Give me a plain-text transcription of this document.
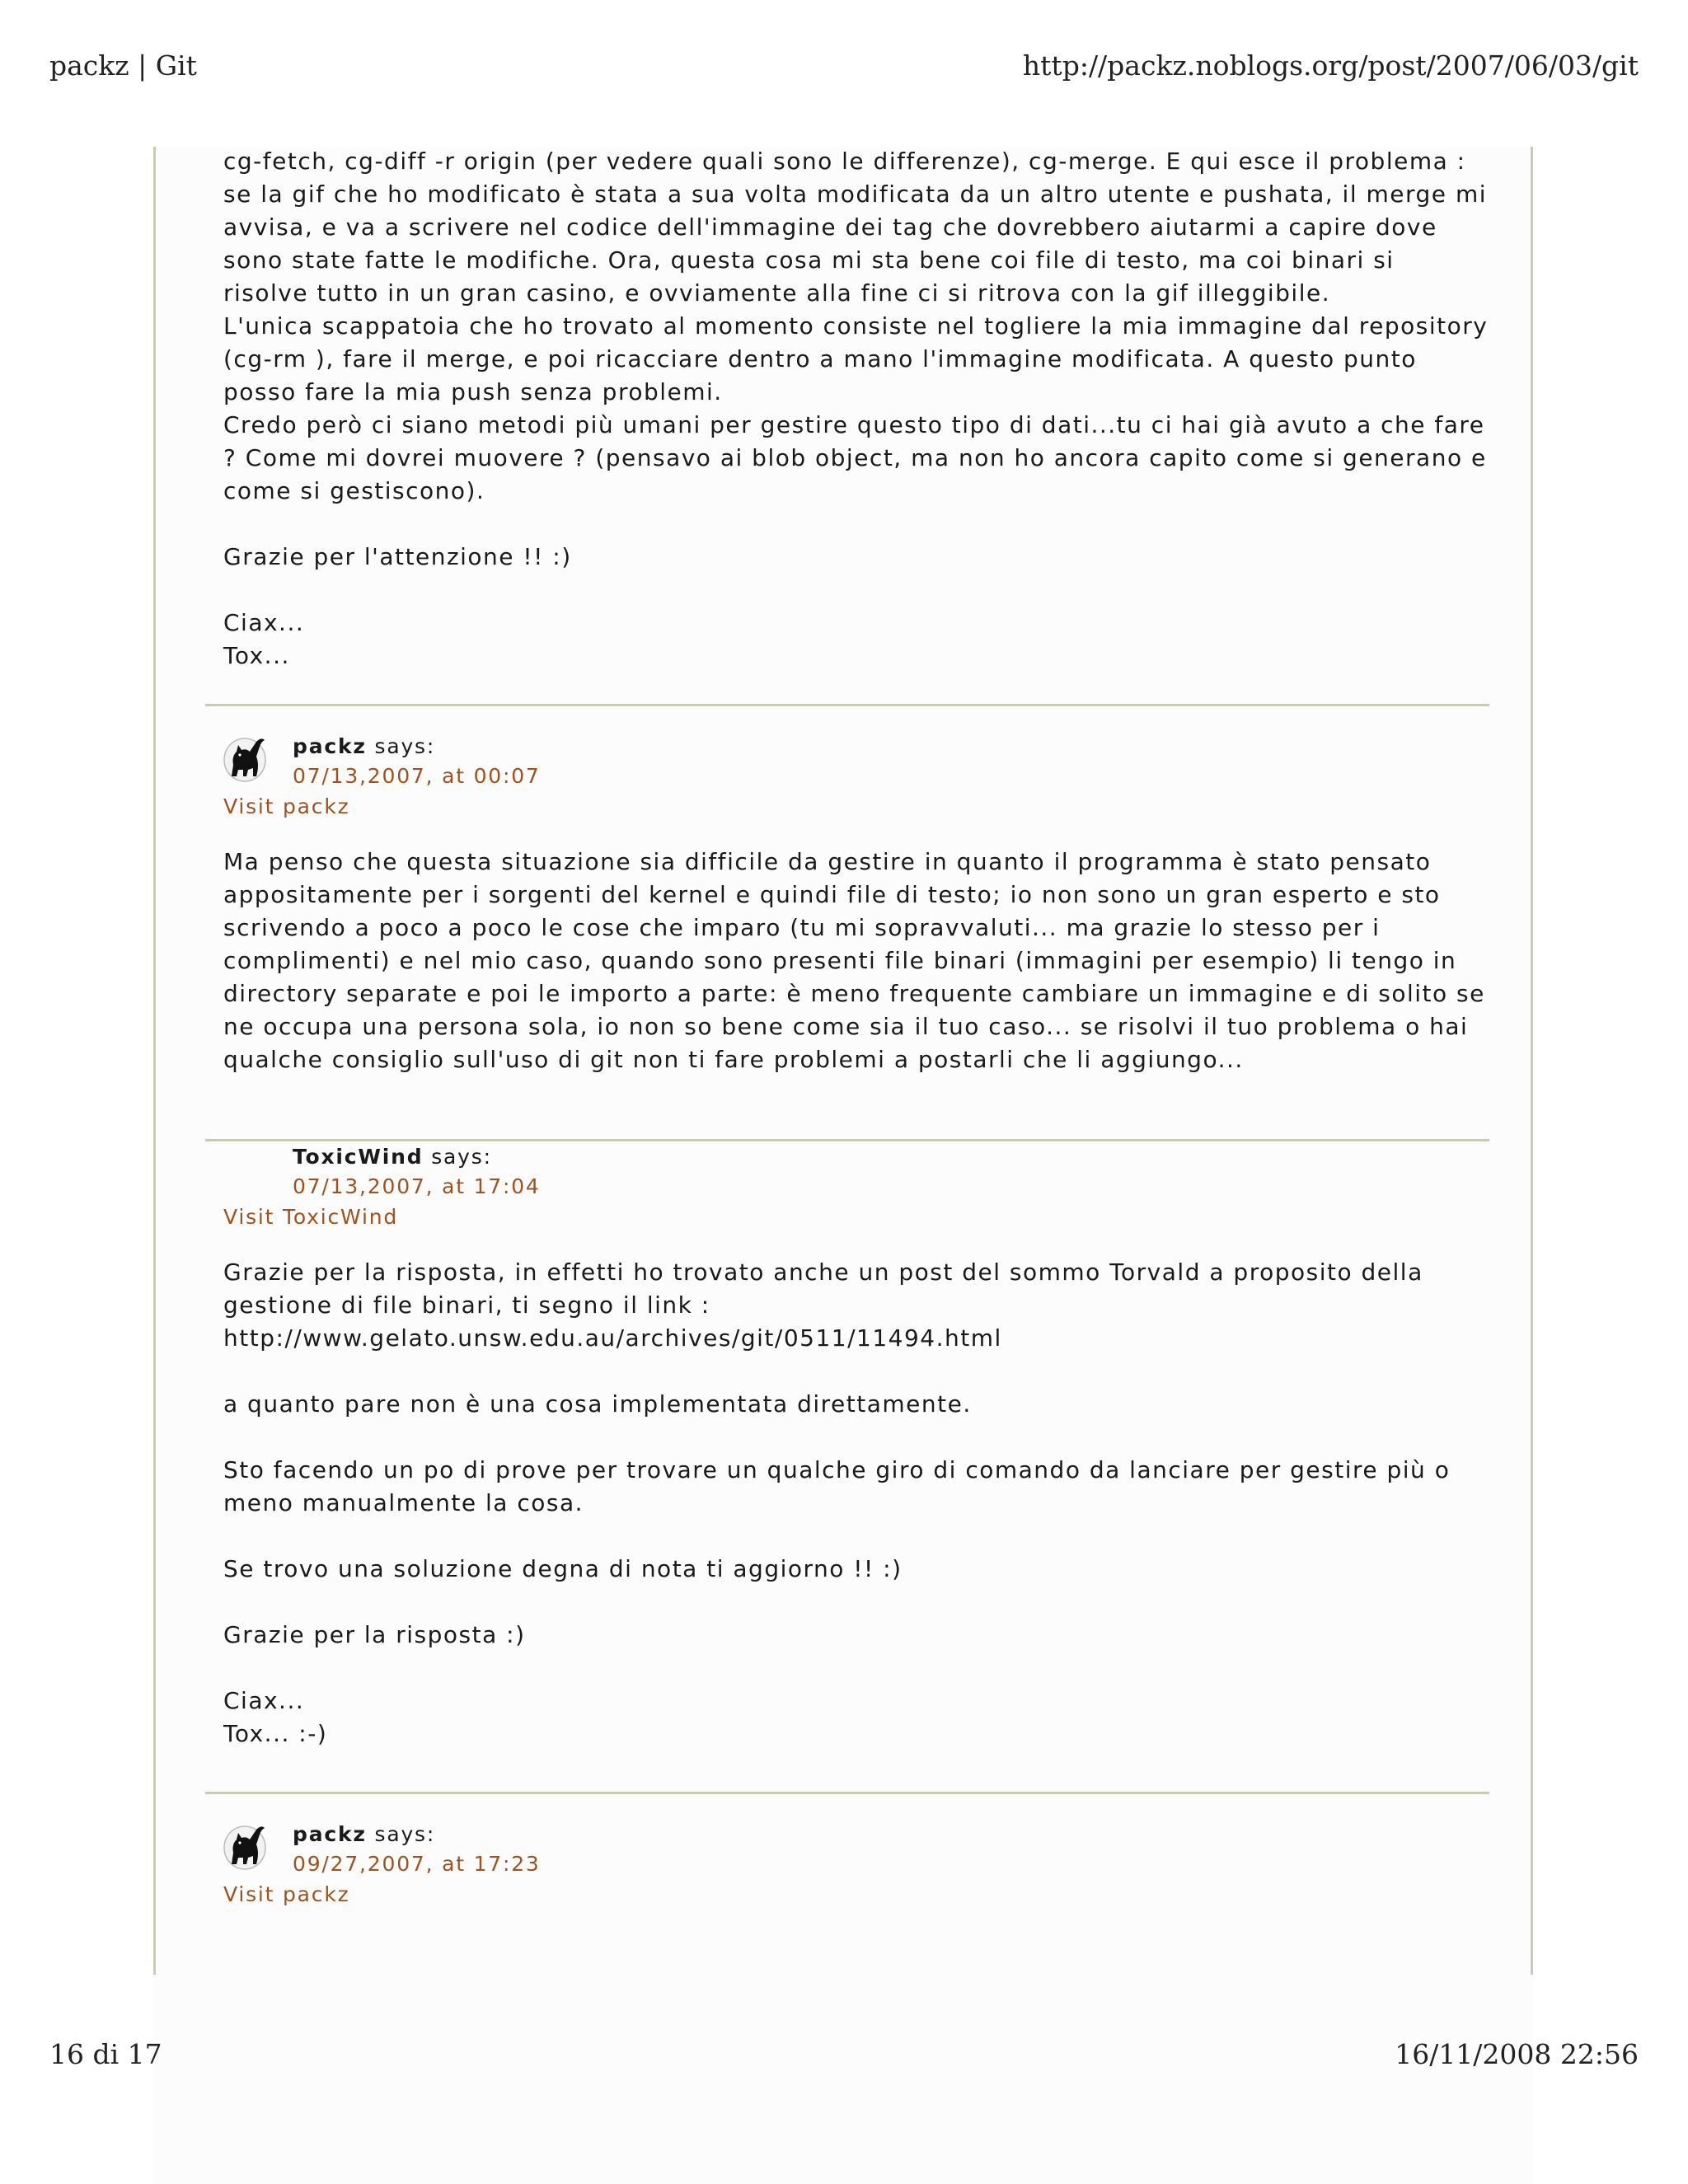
packz | Git	http://packz.noblogs.org/post/2007/06/03/git

cg-fetch, cg-diff -r origin (per vedere quali sono le differenze), cg-merge. E qui esce il problema :
se la gif che ho modificato è stata a sua volta modificata da un altro utente e pushata, il merge mi
avvisa, e va a scrivere nel codice dell'immagine dei tag che dovrebbero aiutarmi a capire dove
sono state fatte le modifiche. Ora, questa cosa mi sta bene coi file di testo, ma coi binari si
risolve tutto in un gran casino, e ovviamente alla fine ci si ritrova con la gif illeggibile.
L'unica scappatoia che ho trovato al momento consiste nel togliere la mia immagine dal repository
(cg-rm ), fare il merge, e poi ricacciare dentro a mano l'immagine modificata. A questo punto
posso fare la mia push senza problemi.
Credo però ci siano metodi più umani per gestire questo tipo di dati...tu ci hai già avuto a che fare
? Come mi dovrei muovere ? (pensavo ai blob object, ma non ho ancora capito come si generano e
come si gestiscono).

Grazie per l'attenzione !! :)

Ciax...
Tox...

packz says:
07/13,2007, at 00:07
Visit packz

Ma penso che questa situazione sia difficile da gestire in quanto il programma è stato pensato
appositamente per i sorgenti del kernel e quindi file di testo; io non sono un gran esperto e sto
scrivendo a poco a poco le cose che imparo (tu mi sopravvaluti... ma grazie lo stesso per i
complimenti) e nel mio caso, quando sono presenti file binari (immagini per esempio) li tengo in
directory separate e poi le importo a parte: è meno frequente cambiare un immagine e di solito se
ne occupa una persona sola, io non so bene come sia il tuo caso... se risolvi il tuo problema o hai
qualche consiglio sull'uso di git non ti fare problemi a postarli che li aggiungo...

ToxicWind says:
07/13,2007, at 17:04
Visit ToxicWind

Grazie per la risposta, in effetti ho trovato anche un post del sommo Torvald a proposito della
gestione di file binari, ti segno il link :
http://www.gelato.unsw.edu.au/archives/git/0511/11494.html

a quanto pare non è una cosa implementata direttamente.

Sto facendo un po di prove per trovare un qualche giro di comando da lanciare per gestire più o
meno manualmente la cosa.

Se trovo una soluzione degna di nota ti aggiorno !! :)

Grazie per la risposta :)

Ciax...
Tox... :-)

packz says:
09/27,2007, at 17:23
Visit packz
16 di 17	16/11/2008 22:56
